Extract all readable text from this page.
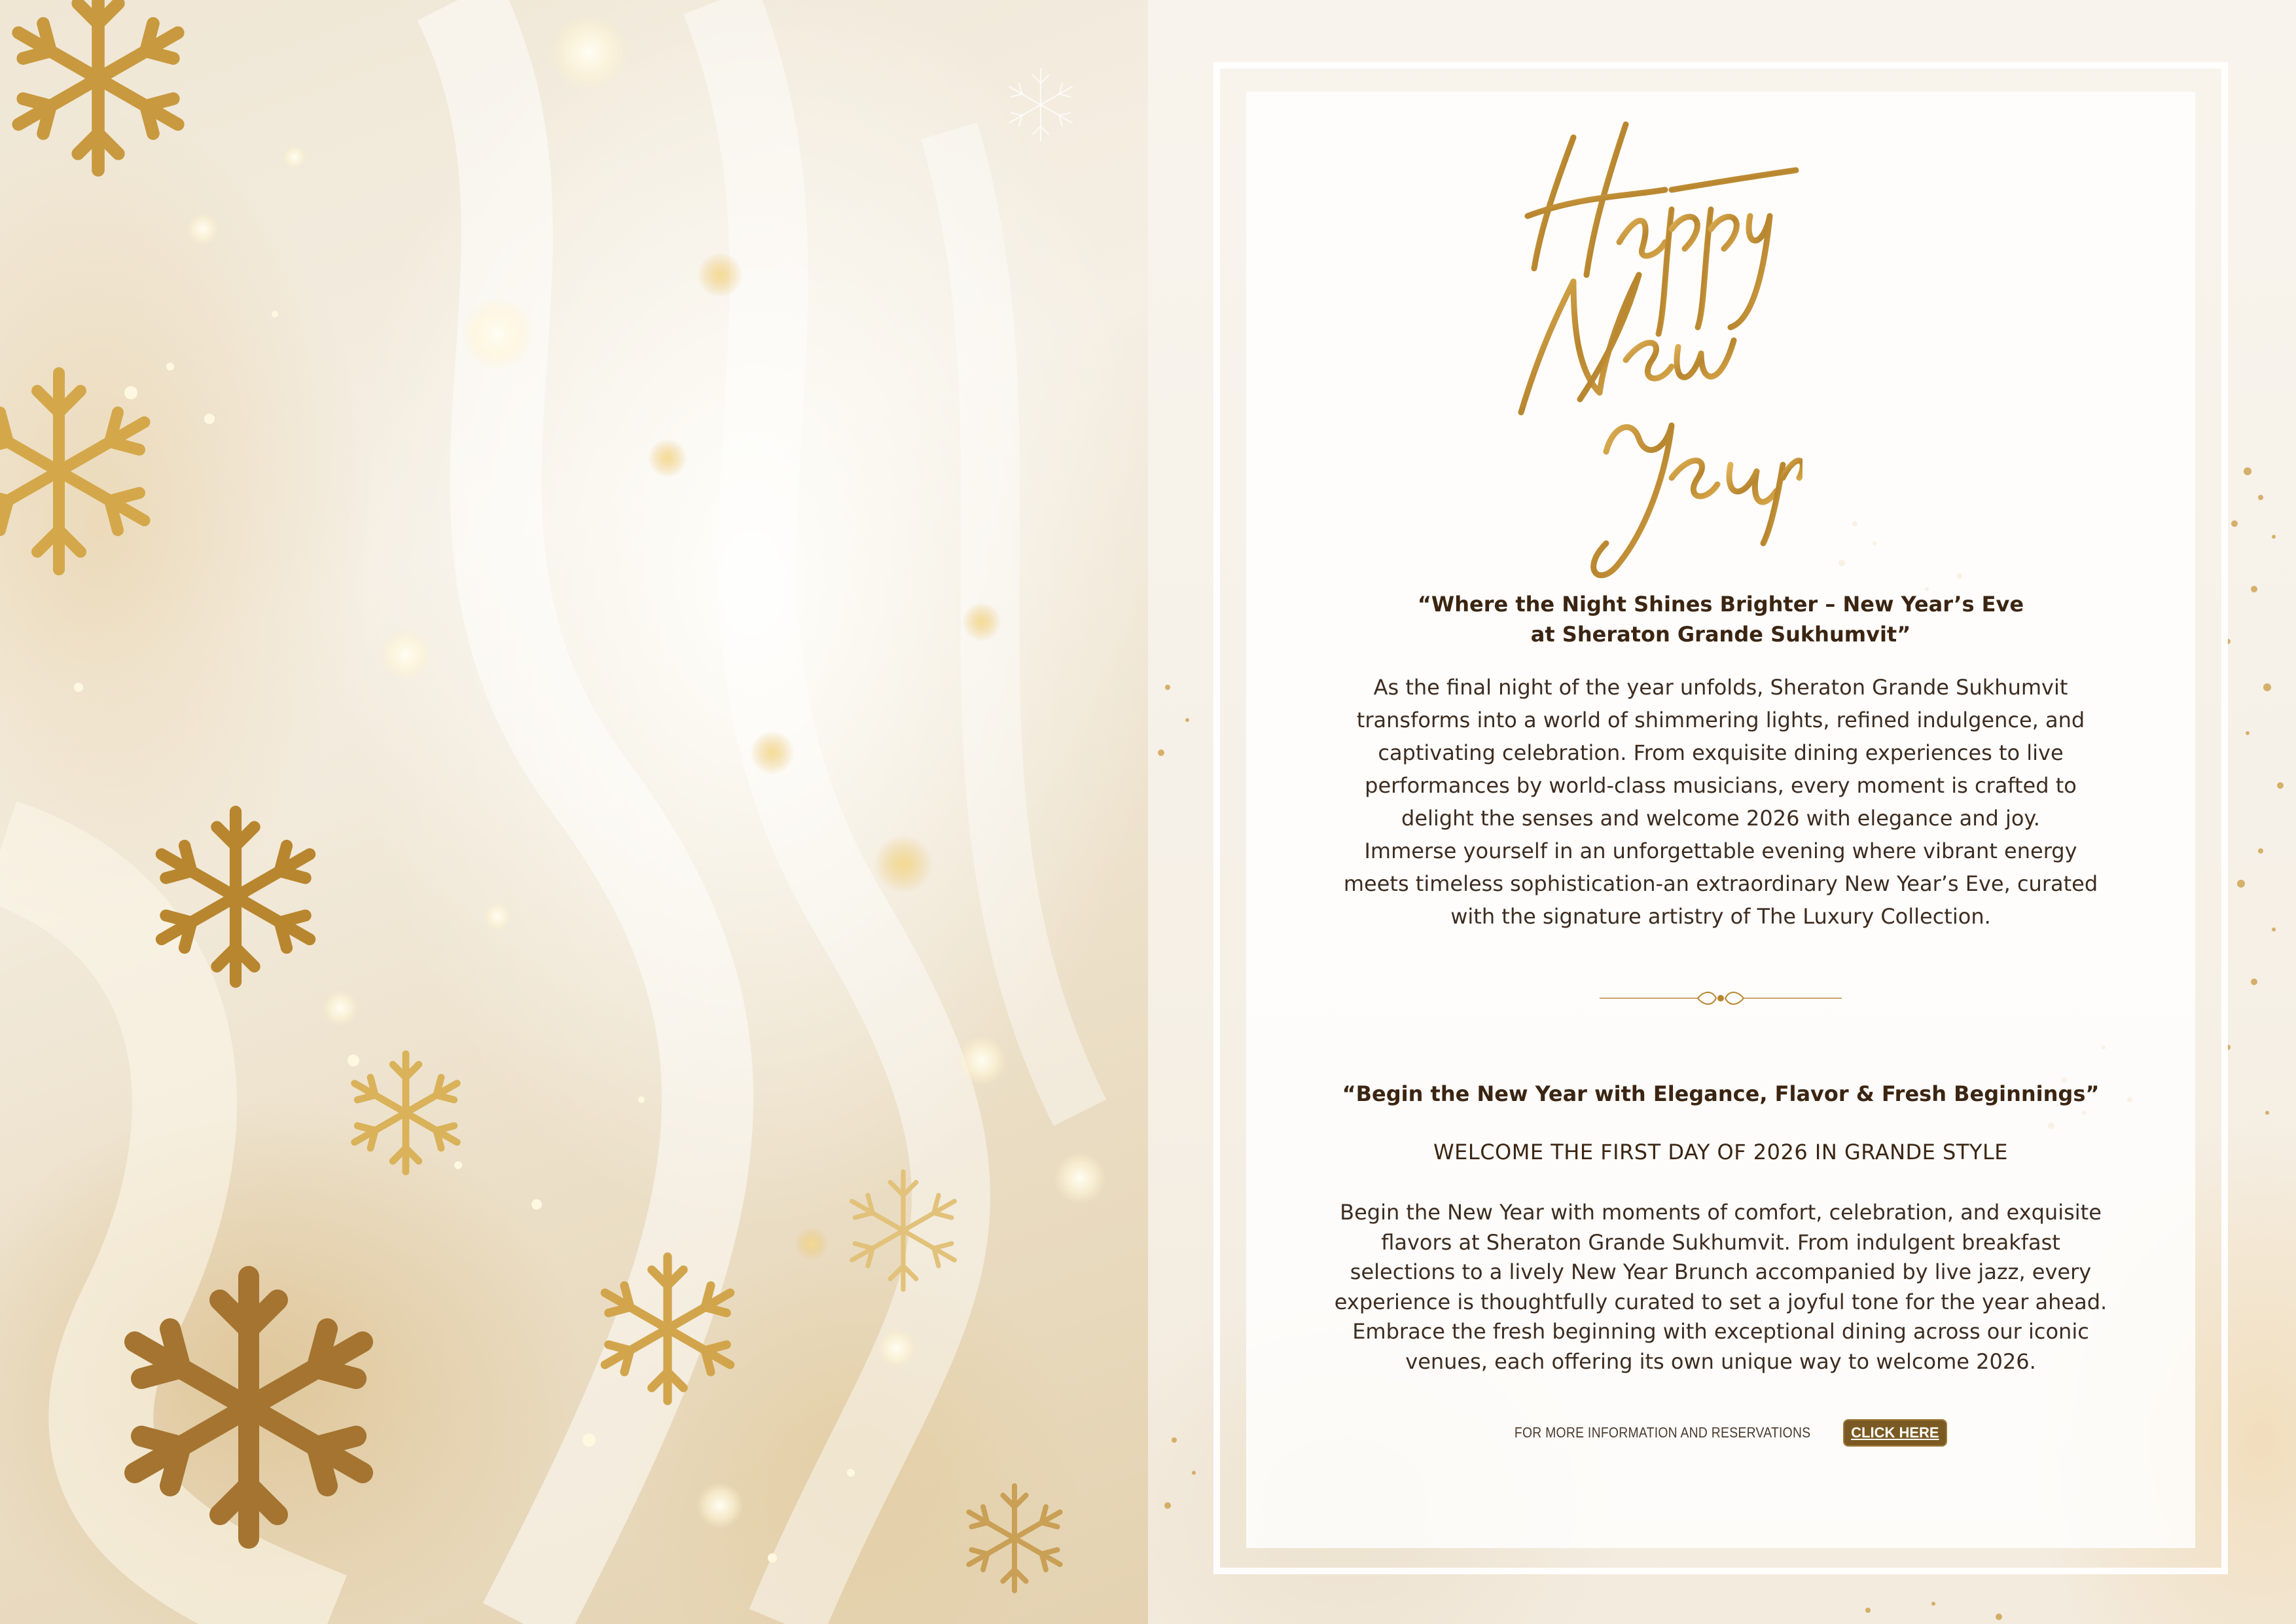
“Where the Night Shines Brighter – New Year’s Eve
at Sheraton Grande Sukhumvit”
As the final night of the year unfolds, Sheraton Grande Sukhumvit
transforms into a world of shimmering lights, refined indulgence, and
captivating celebration. From exquisite dining experiences to live
performances by world-class musicians, every moment is crafted to
delight the senses and welcome 2026 with elegance and joy.
Immerse yourself in an unforgettable evening where vibrant energy
meets timeless sophistication-an extraordinary New Year’s Eve, curated
with the signature artistry of The Luxury Collection.
“Begin the New Year with Elegance, Flavor & Fresh Beginnings”
WELCOME THE FIRST DAY OF 2026 IN GRANDE STYLE
Begin the New Year with moments of comfort, celebration, and exquisite
flavors at Sheraton Grande Sukhumvit. From indulgent breakfast
selections to a lively New Year Brunch accompanied by live jazz, every
experience is thoughtfully curated to set a joyful tone for the year ahead.
Embrace the fresh beginning with exceptional dining across our iconic
venues, each offering its own unique way to welcome 2026.
FOR MORE INFORMATION AND RESERVATIONS	CLICK HERE
